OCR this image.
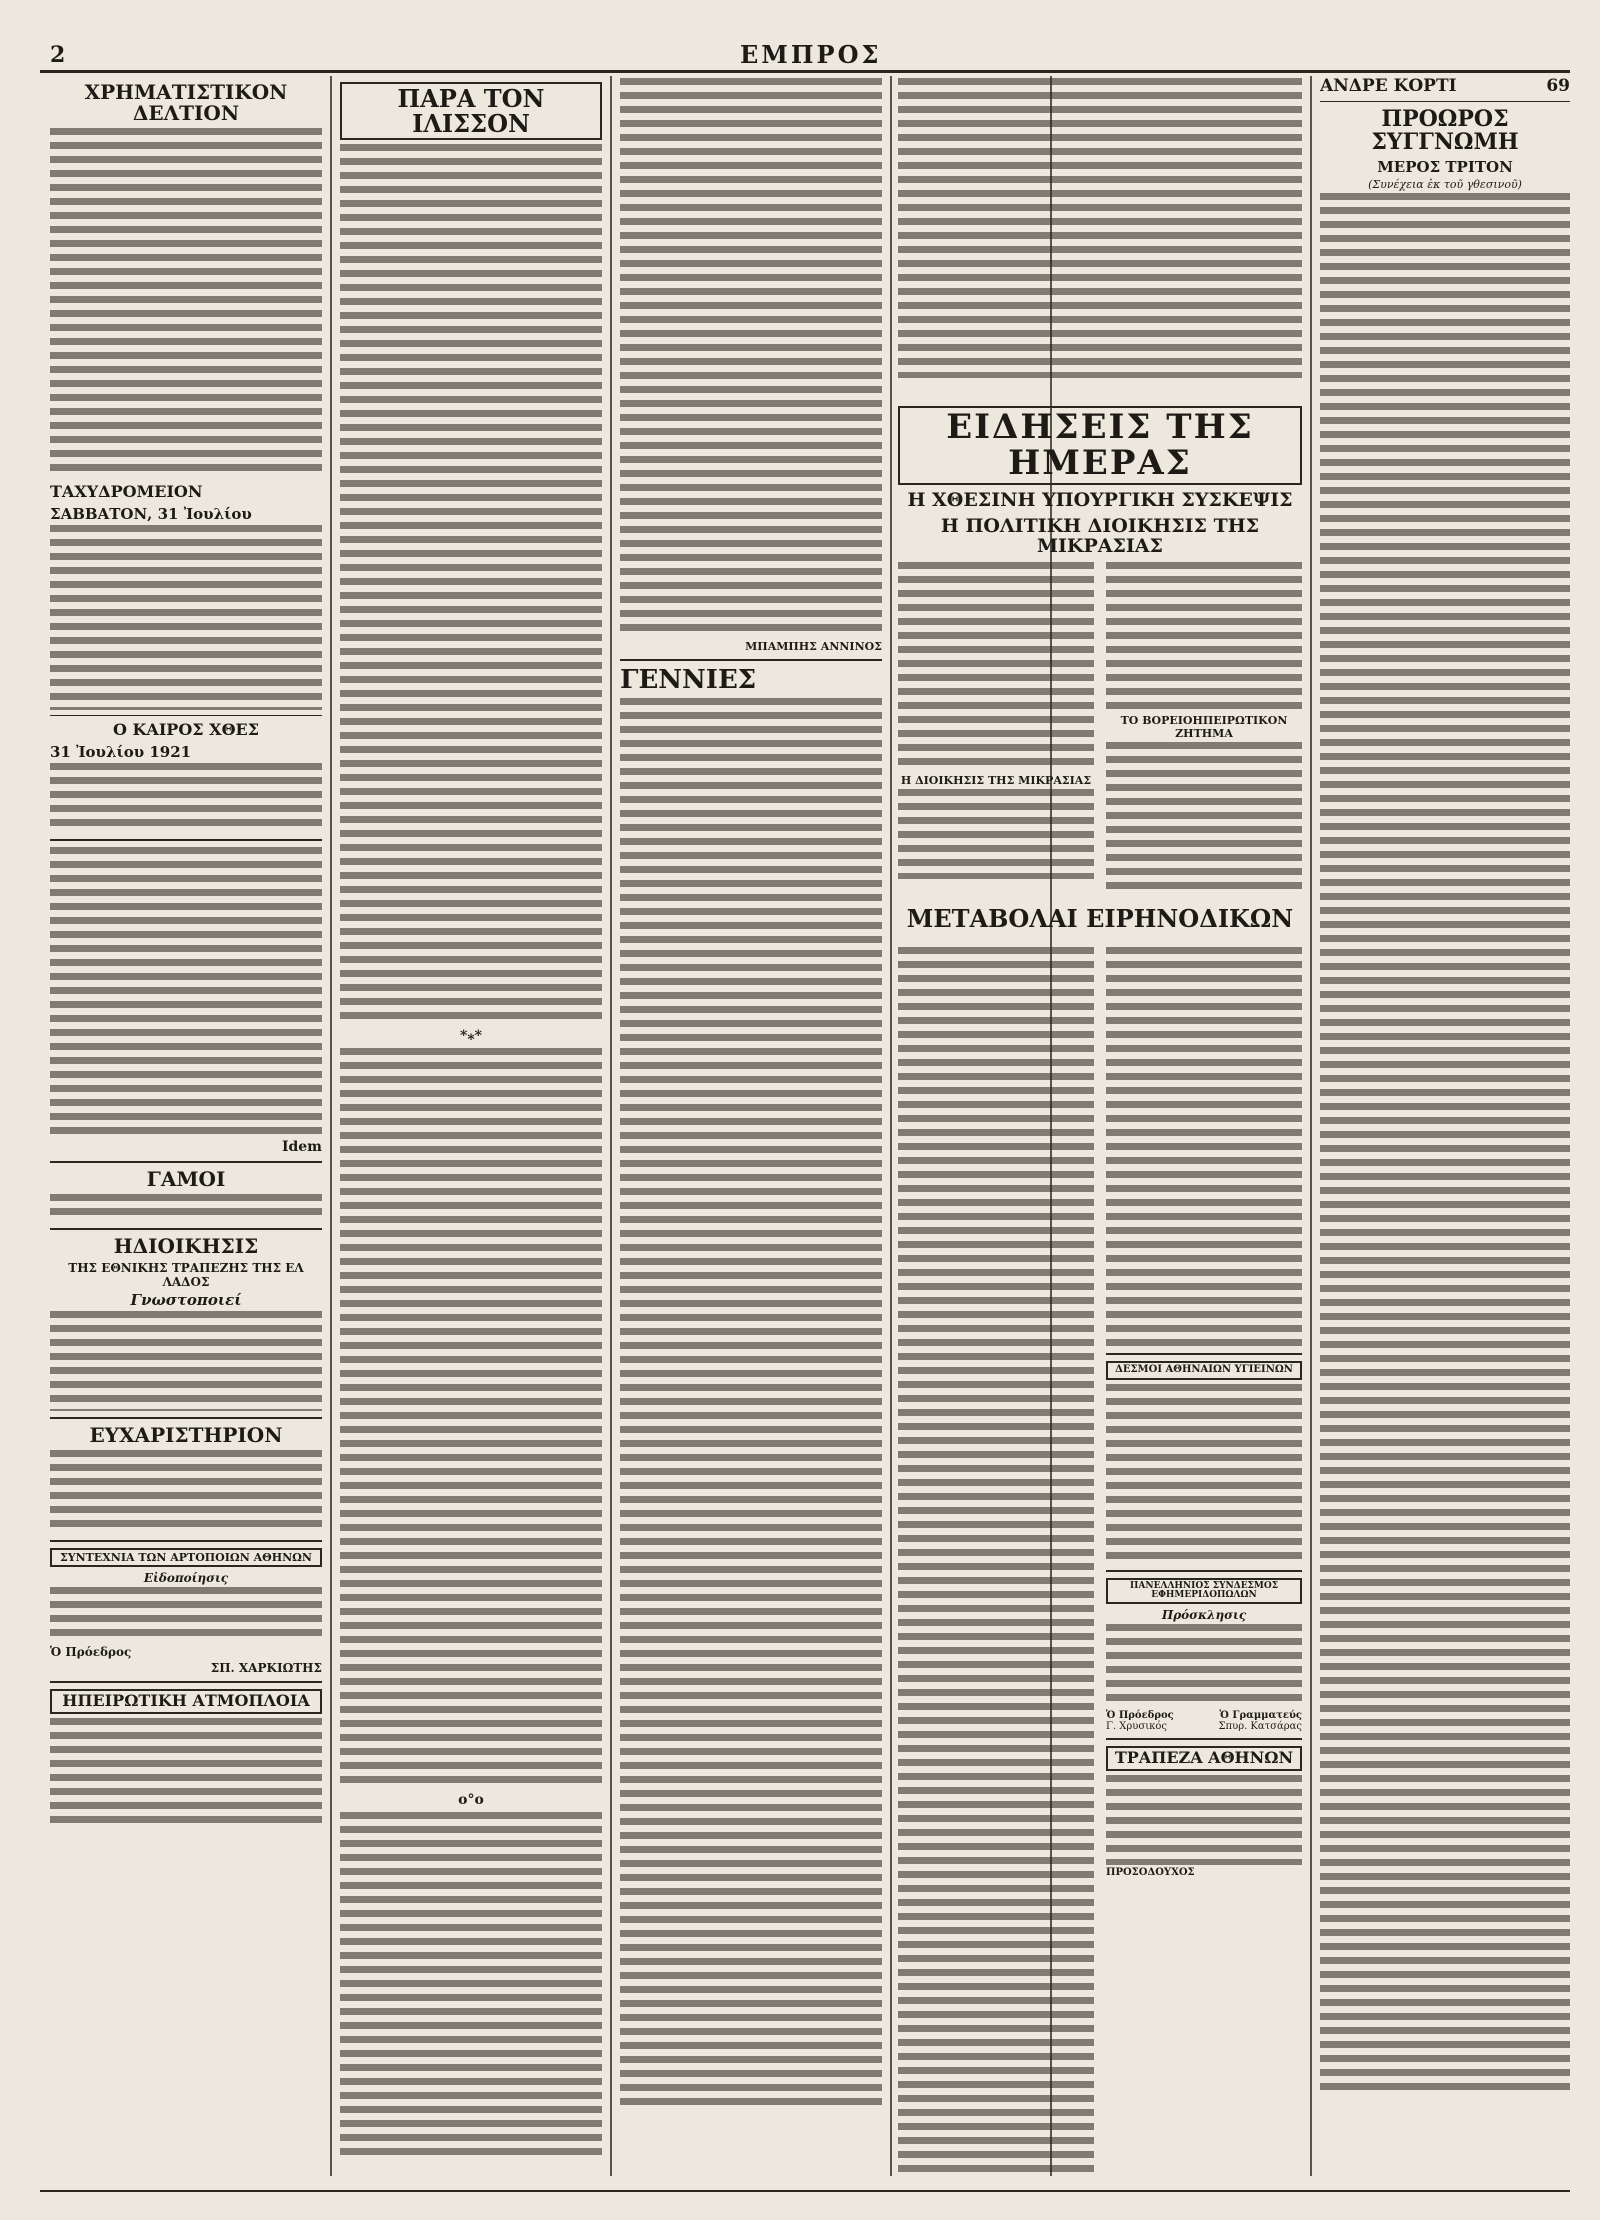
2	ΕΜΠΡΟΣ
ΧΡΗΜΑΤΙΣΤΙΚΟΝ ΔΕΛΤΙΟΝ
ΤΑΧΥΔΡΟΜΕΙΟΝ
ΣΑΒΒΑΤΟΝ, 31 Ἰουλίου
Ο ΚΑΙΡΟΣ ΧΘΕΣ
31 Ἰουλίου 1921
Idem
ΓΑΜΟΙ
ΗΔΙΟΙΚΗΣΙΣ
ΤΗΣ ΕΘΝΙΚΗΣ ΤΡΑΠΕΖΗΣ ΤΗΣ ΕΛ ΛΑΔΟΣ
Γνωστοποιεί
ΕΥΧΑΡΙΣΤΗΡΙΟΝ
ΣΥΝΤΕΧΝΙΑ ΤΩΝ ΑΡΤΟΠΟΙΩΝ ΑΘΗΝΩΝ
Εἰδοποίησις
Ὁ Πρόεδρος
ΣΠ. ΧΑΡΚΙΩΤΗΣ
ΗΠΕΙΡΩΤΙΚΗ ΑΤΜΟΠΛΟΙΑ
ΠΑΡΑ ΤΟΝ ΙΛΙΣΣΟΝ
*⁎*
o°o
ΜΠΑΜΠΗΣ ΑΝΝΙΝΟΣ
ΓΕΝΝΙΕΣ
ΕΙΔΗΣΕΙΣ ΤΗΣ ΗΜΕΡΑΣ
Η ΧΘΕΣΙΝΗ ΥΠΟΥΡΓΙΚΗ ΣΥΣΚΕΨΙΣ
Η ΠΟΛΙΤΙΚΗ ΔΙΟΙΚΗΣΙΣ ΤΗΣ ΜΙΚΡΑΣΙΑΣ
Η ΔΙΟΙΚΗΣΙΣ ΤΗΣ ΜΙΚΡΑΣΙΑΣ
ΤΟ ΒΟΡΕΙΟΗΠΕΙΡΩΤΙΚΟΝ ΖΗΤΗΜΑ
ΜΕΤΑΒΟΛΑΙ ΕΙΡΗΝΟΔΙΚΩΝ
ΔΕΣΜΟΙ ΑΘΗΝΑΙΩΝ ΥΓΙΕΙΝΩΝ
ΠΑΝΕΛΛΗΝΙΟΣ ΣΥΝΔΕΣΜΟΣ ΕΦΗΜΕΡΙΔΟΠΩΛΩΝ
Πρόσκλησις
Ὁ Πρόεδρος	Ὁ Γραμματεύς
Γ. Χρυσικός	Σπυρ. Κατσάρας
ΤΡΑΠΕΖΑ ΑΘΗΝΩΝ
ΠΡΟΣΟΔΟΥΧΟΣ
ΑΝΔΡΕ ΚΟΡΤΙ	69
ΠΡΟΩΡΟΣ ΣΥΓΓΝΩΜΗ
ΜΕΡΟΣ ΤΡΙΤΟΝ
(Συνέχεια ἐκ τοῦ γθεσινοῦ)
